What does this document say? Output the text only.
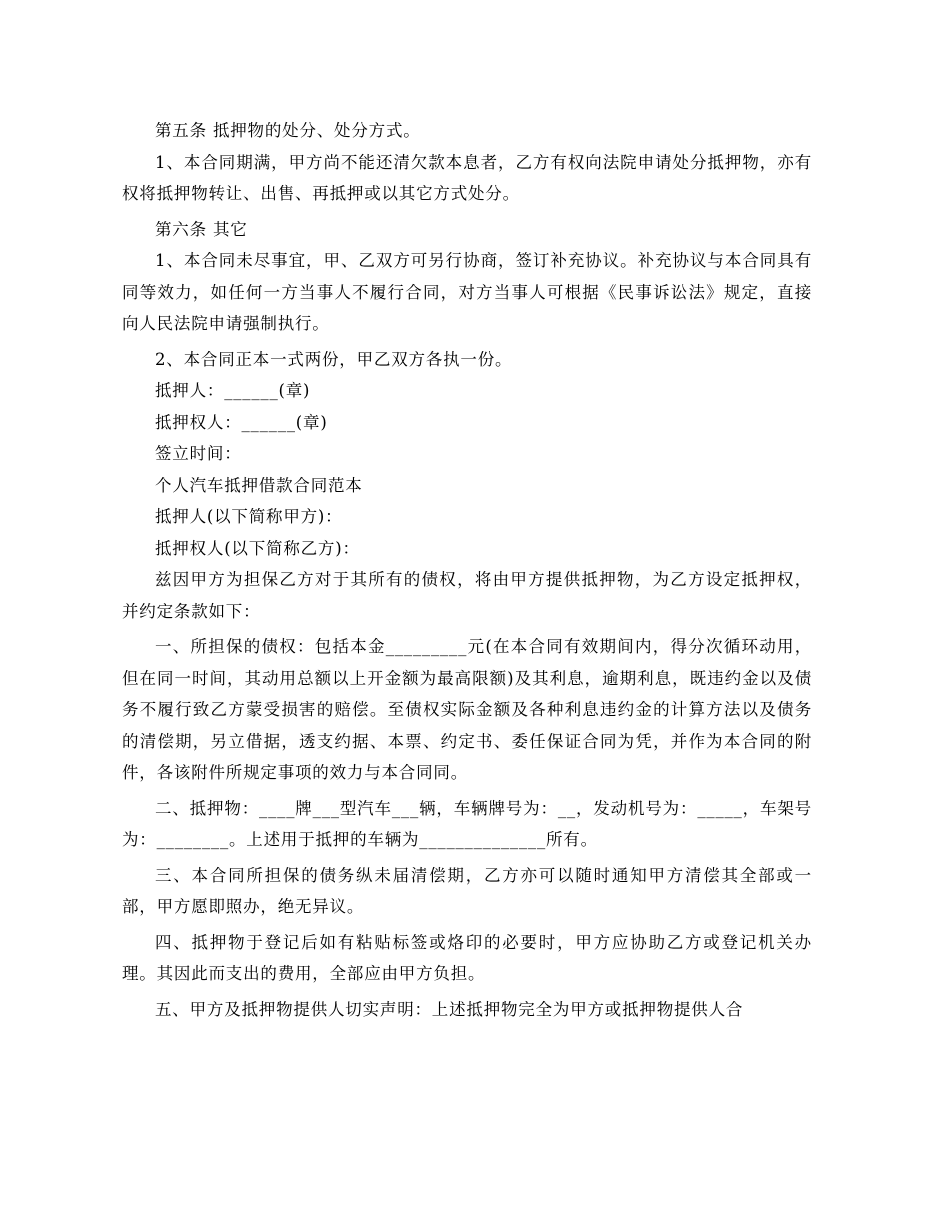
第五条 抵押物的处分、处分方式。

1、本合同期满，甲方尚不能还清欠款本息者，乙方有权向法院申请处分抵押物，亦有权将抵押物转让、出售、再抵押或以其它方式处分。

第六条 其它

1、本合同未尽事宜，甲、乙双方可另行协商，签订补充协议。补充协议与本合同具有同等效力，如任何一方当事人不履行合同，对方当事人可根据《民事诉讼法》规定，直接向人民法院申请强制执行。

2、本合同正本一式两份，甲乙双方各执一份。

抵押人：______(章)

抵押权人：______(章)

签立时间：

个人汽车抵押借款合同范本

抵押人(以下简称甲方)：

抵押权人(以下简称乙方)：

兹因甲方为担保乙方对于其所有的债权，将由甲方提供抵押物，为乙方设定抵押权，并约定条款如下：

一、所担保的债权：包括本金_________元(在本合同有效期间内，得分次循环动用，但在同一时间，其动用总额以上开金额为最高限额)及其利息，逾期利息，既违约金以及债务不履行致乙方蒙受损害的赔偿。至债权实际金额及各种利息违约金的计算方法以及债务的清偿期，另立借据，透支约据、本票、约定书、委任保证合同为凭，并作为本合同的附件，各该附件所规定事项的效力与本合同同。

二、抵押物：____牌___型汽车___辆，车辆牌号为：__，发动机号为：_____，车架号为：________。上述用于抵押的车辆为______________所有。

三、本合同所担保的债务纵未届清偿期，乙方亦可以随时通知甲方清偿其全部或一部，甲方愿即照办，绝无异议。

四、抵押物于登记后如有粘贴标签或烙印的必要时，甲方应协助乙方或登记机关办理。其因此而支出的费用，全部应由甲方负担。

五、甲方及抵押物提供人切实声明：上述抵押物完全为甲方或抵押物提供人合
